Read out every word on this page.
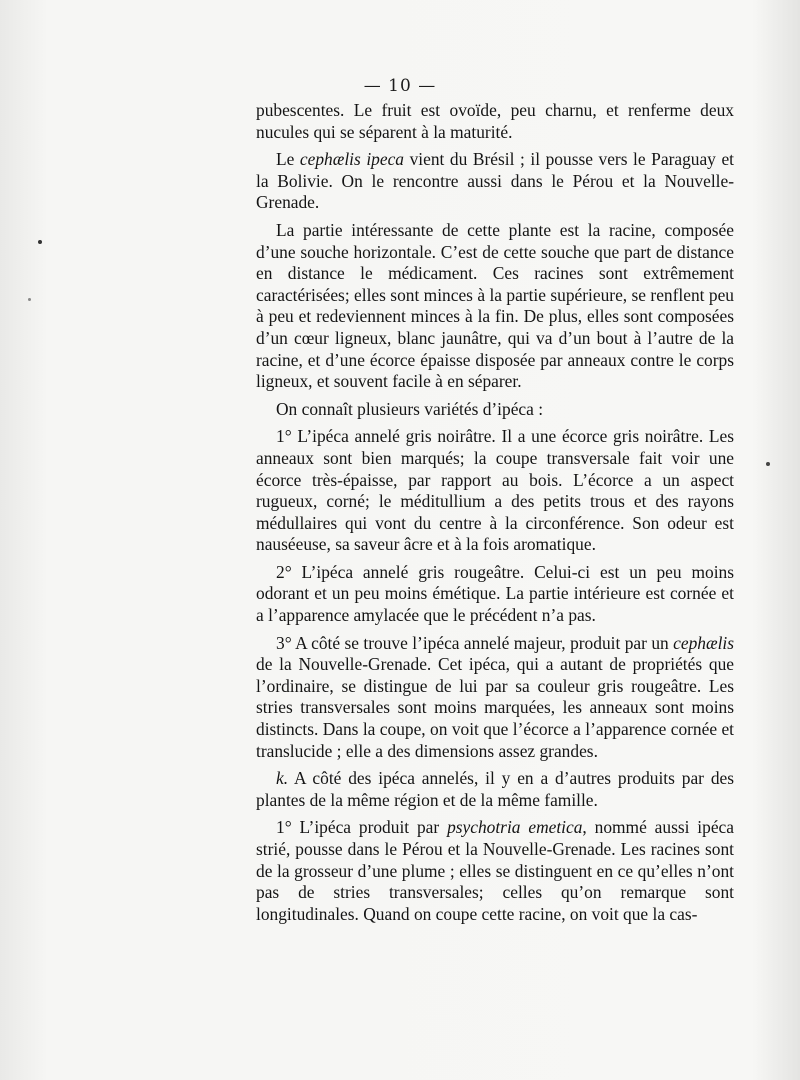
— 10 —

pubescentes. Le fruit est ovoïde, peu charnu, et renferme deux nucules qui se séparent à la maturité.

Le cephælis ipeca vient du Brésil ; il pousse vers le Paraguay et la Bolivie. On le rencontre aussi dans le Pérou et la Nouvelle-Grenade.

La partie intéressante de cette plante est la racine, composée d’une souche horizontale. C’est de cette souche que part de distance en distance le médicament. Ces racines sont extrêmement caractérisées; elles sont minces à la partie supérieure, se renflent peu à peu et redeviennent minces à la fin. De plus, elles sont composées d’un cœur ligneux, blanc jaunâtre, qui va d’un bout à l’autre de la racine, et d’une écorce épaisse disposée par anneaux contre le corps ligneux, et souvent facile à en séparer.

On connaît plusieurs variétés d’ipéca :

1° L’ipéca annelé gris noirâtre. Il a une écorce gris noirâtre. Les anneaux sont bien marqués; la coupe transversale fait voir une écorce très-épaisse, par rapport au bois. L’écorce a un aspect rugueux, corné; le méditullium a des petits trous et des rayons médullaires qui vont du centre à la circonférence. Son odeur est nauséeuse, sa saveur âcre et à la fois aromatique.

2° L’ipéca annelé gris rougeâtre. Celui-ci est un peu moins odorant et un peu moins émétique. La partie intérieure est cornée et a l’apparence amylacée que le précédent n’a pas.

3° A côté se trouve l’ipéca annelé majeur, produit par un cephælis de la Nouvelle-Grenade. Cet ipéca, qui a autant de propriétés que l’ordinaire, se distingue de lui par sa couleur gris rougeâtre. Les stries transversales sont moins marquées, les anneaux sont moins distincts. Dans la coupe, on voit que l’écorce a l’apparence cornée et translucide ; elle a des dimensions assez grandes.

k. A côté des ipéca annelés, il y en a d’autres produits par des plantes de la même région et de la même famille.

1° L’ipéca produit par psychotria emetica, nommé aussi ipéca strié, pousse dans le Pérou et la Nouvelle-Grenade. Les racines sont de la grosseur d’une plume ; elles se distinguent en ce qu’elles n’ont pas de stries transversales; celles qu’on remarque sont longitudinales. Quand on coupe cette racine, on voit que la cas-
